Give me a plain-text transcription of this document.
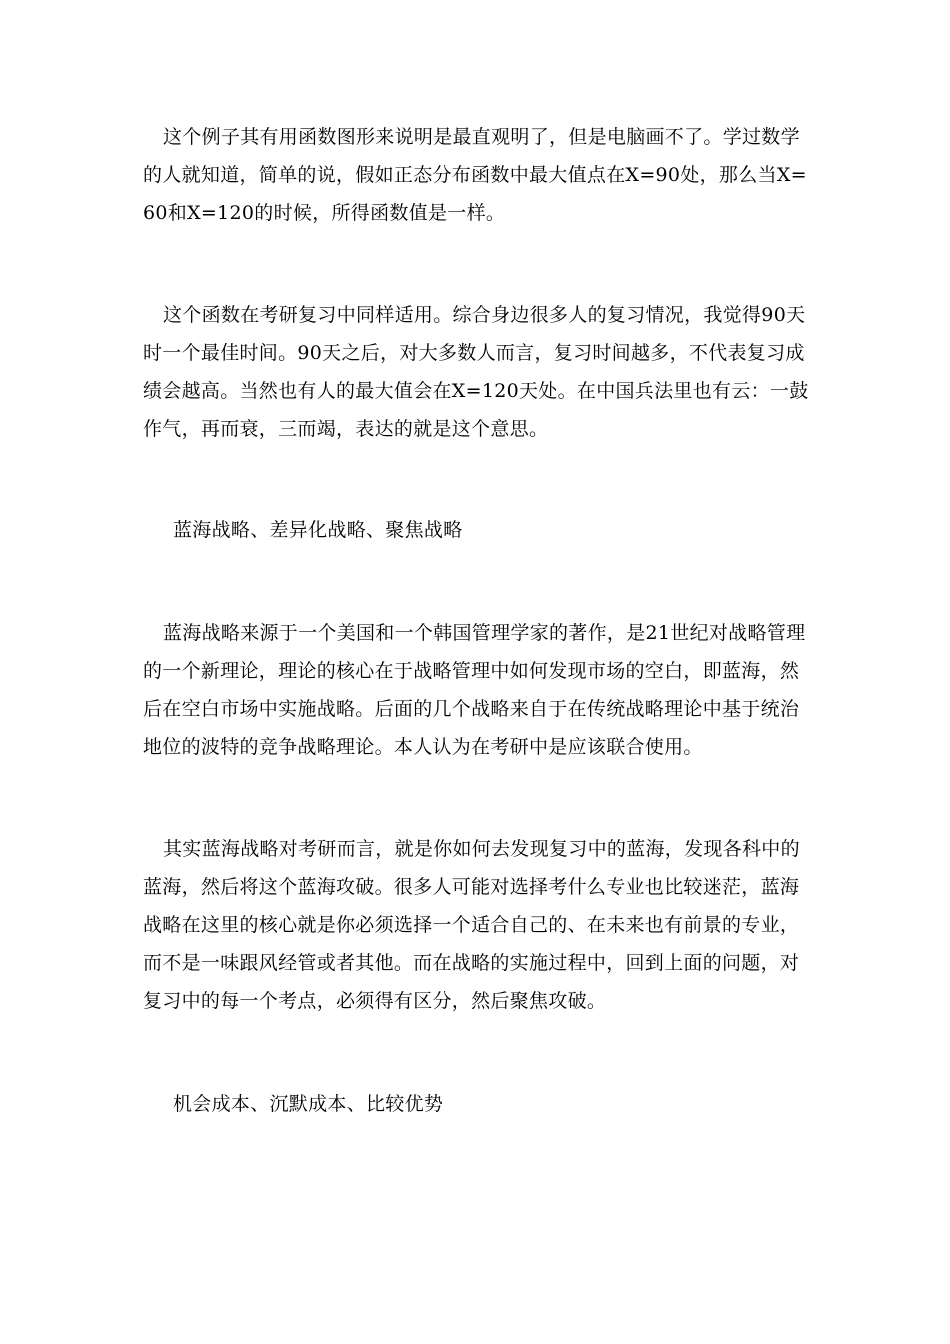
这个例子其有用函数图形来说明是最直观明了，但是电脑画不了。学过数学的人就知道，简单的说，假如正态分布函数中最大值点在X=90处，那么当X=60和X=120的时候，所得函数值是一样。

这个函数在考研复习中同样适用。综合身边很多人的复习情况，我觉得90天时一个最佳时间。90天之后，对大多数人而言，复习时间越多，不代表复习成绩会越高。当然也有人的最大值会在X=120天处。在中国兵法里也有云：一鼓作气，再而衰，三而竭，表达的就是这个意思。

蓝海战略、差异化战略、聚焦战略

蓝海战略来源于一个美国和一个韩国管理学家的著作，是21世纪对战略管理的一个新理论，理论的核心在于战略管理中如何发现市场的空白，即蓝海，然后在空白市场中实施战略。后面的几个战略来自于在传统战略理论中基于统治地位的波特的竞争战略理论。本人认为在考研中是应该联合使用。

其实蓝海战略对考研而言，就是你如何去发现复习中的蓝海，发现各科中的蓝海，然后将这个蓝海攻破。很多人可能对选择考什么专业也比较迷茫，蓝海战略在这里的核心就是你必须选择一个适合自己的、在未来也有前景的专业，而不是一味跟风经管或者其他。而在战略的实施过程中，回到上面的问题，对复习中的每一个考点，必须得有区分，然后聚焦攻破。

机会成本、沉默成本、比较优势
